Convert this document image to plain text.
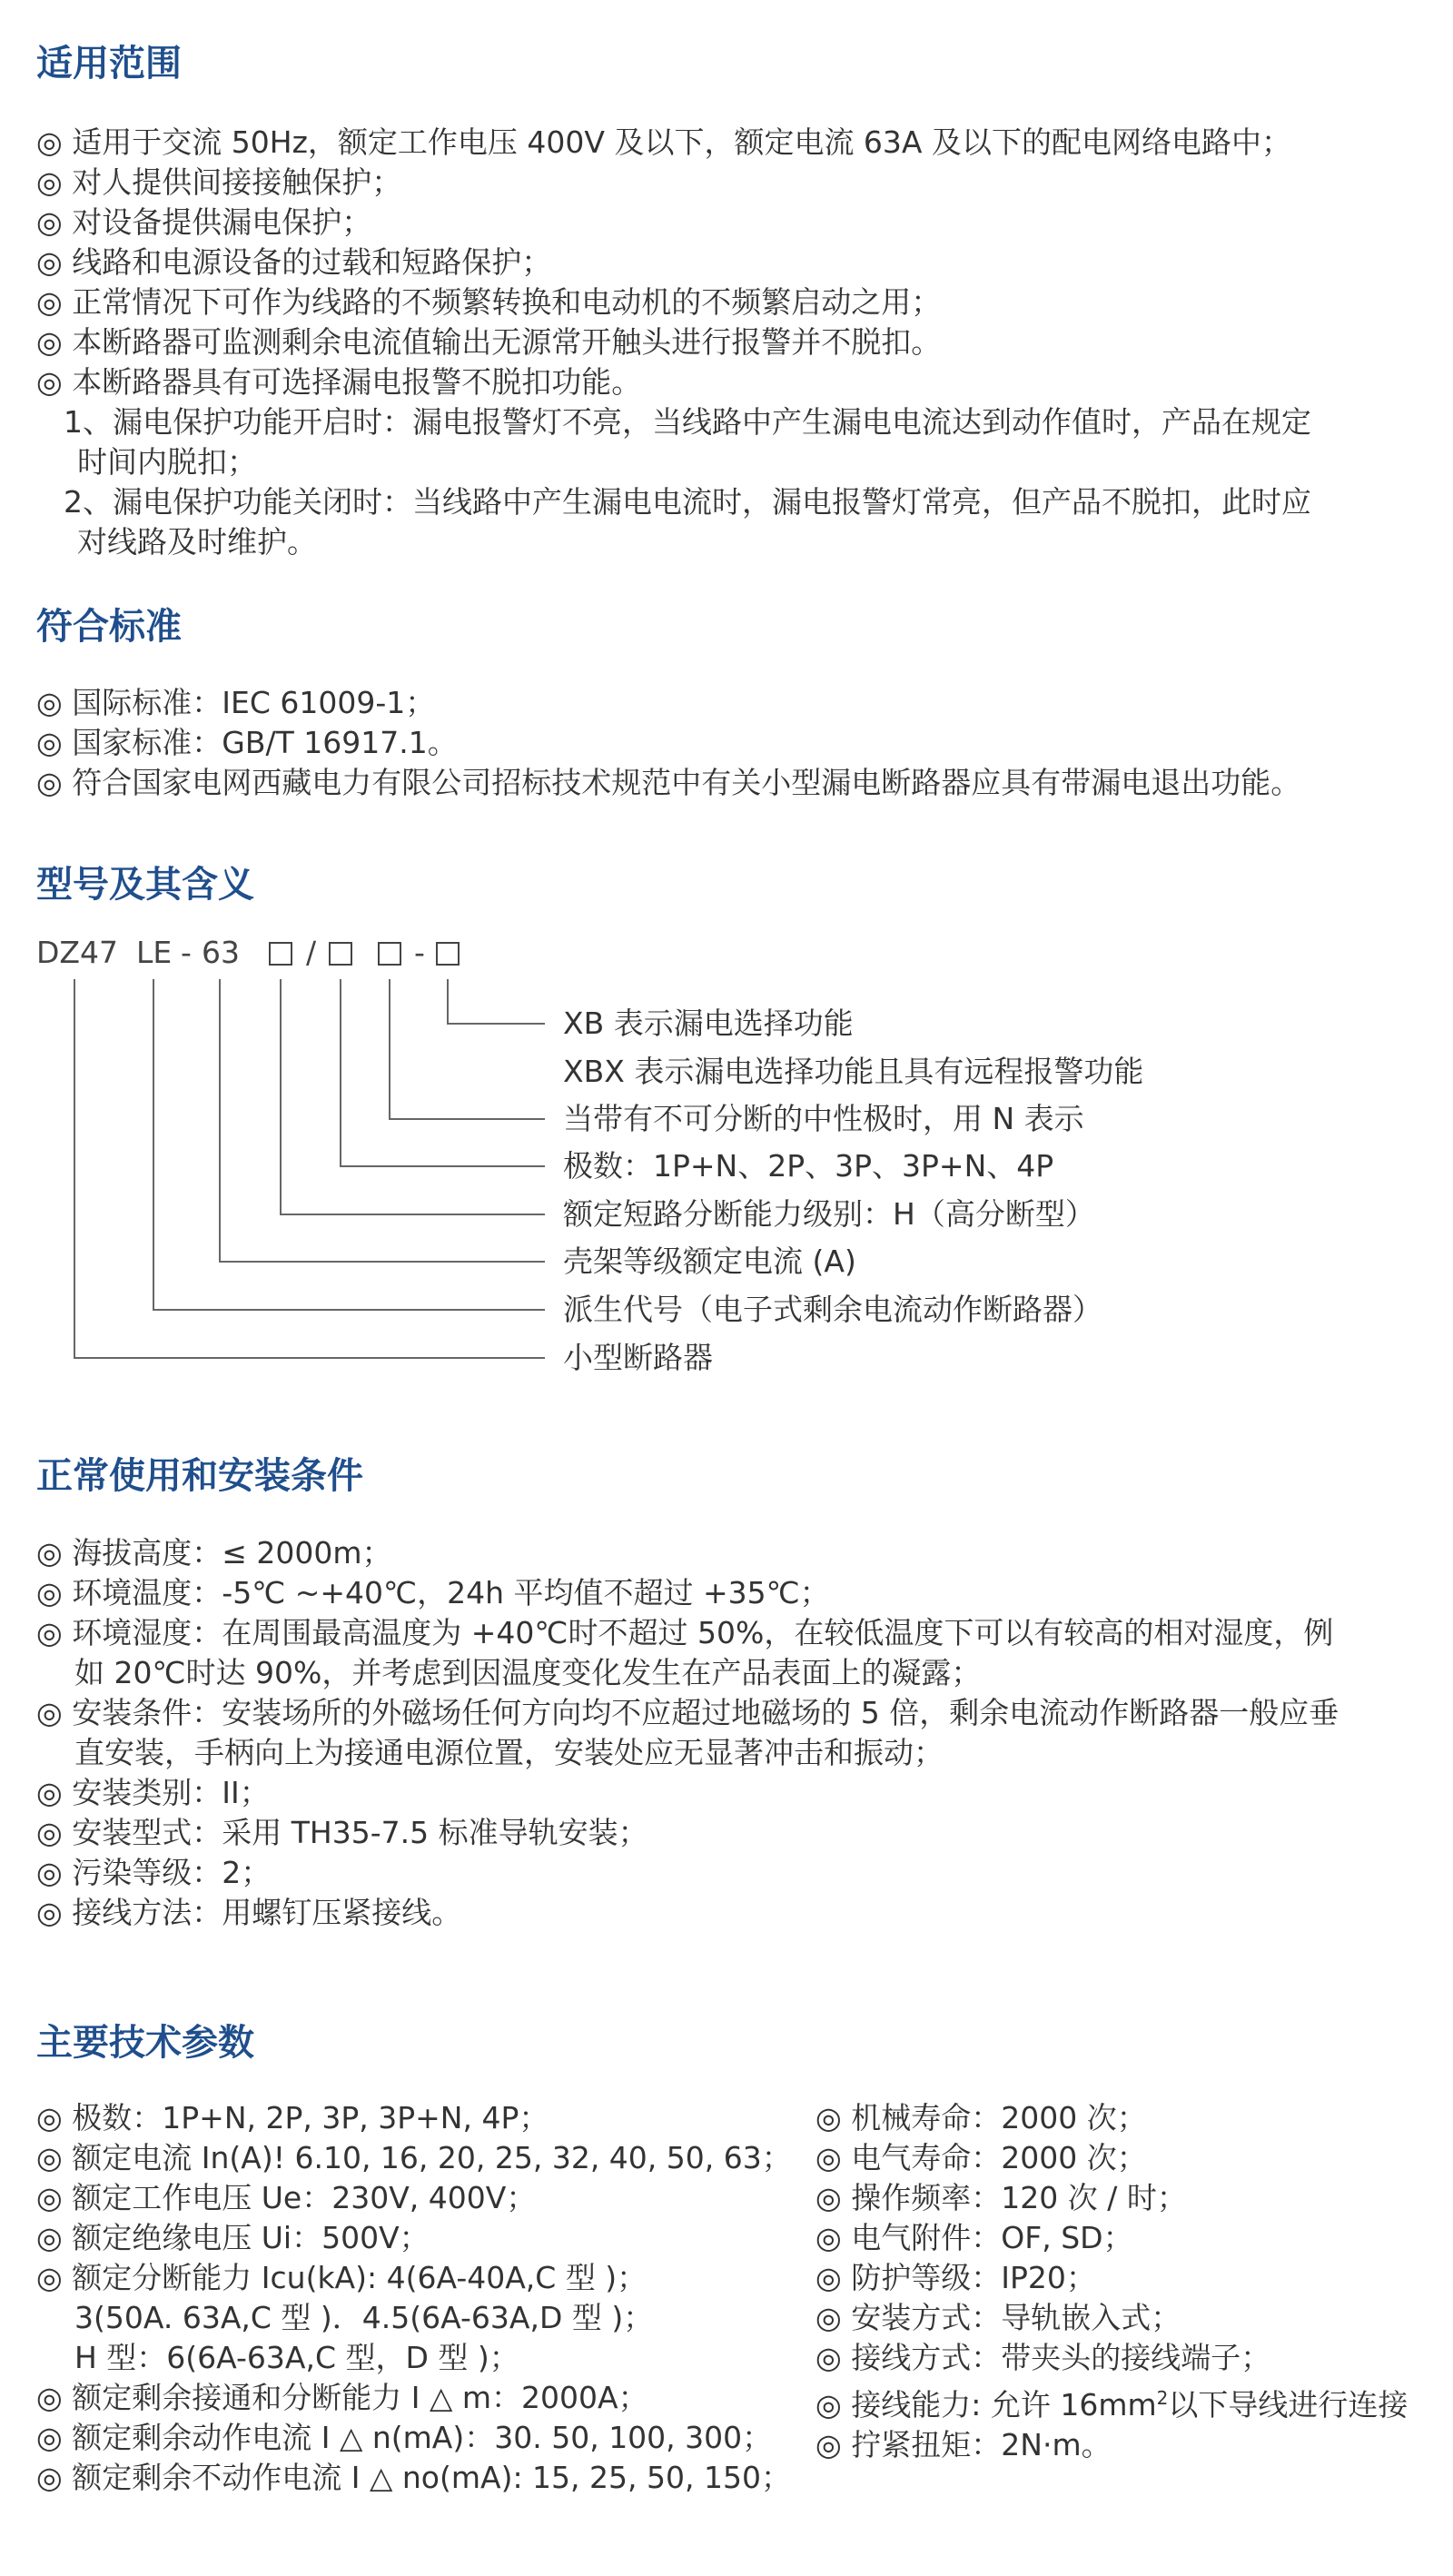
适用范围

◎ 适用于交流 50Hz，额定工作电压 400V 及以下，额定电流 63A 及以下的配电网络电路中；

◎ 对人提供间接接触保护；

◎ 对设备提供漏电保护；

◎ 线路和电源设备的过载和短路保护；

◎ 正常情况下可作为线路的不频繁转换和电动机的不频繁启动之用；

◎ 本断路器可监测剩余电流值输出无源常开触头进行报警并不脱扣。

◎ 本断路器具有可选择漏电报警不脱扣功能。

1、漏电保护功能开启时：漏电报警灯不亮，当线路中产生漏电电流达到动作值时，产品在规定

时间内脱扣；

2、漏电保护功能关闭时：当线路中产生漏电电流时，漏电报警灯常亮，但产品不脱扣，此时应

对线路及时维护。

符合标准

◎ 国际标准：IEC 61009-1；

◎ 国家标准：GB/T 16917.1。

◎ 符合国家电网西藏电力有限公司招标技术规范中有关小型漏电断路器应具有带漏电退出功能。

型号及其含义
DZ47 LE - 63 /	-
XB 表示漏电选择功能
XBX 表示漏电选择功能且具有远程报警功能
当带有不可分断的中性极时，用 N 表示
极数：1P+N、2P、3P、3P+N、4P
额定短路分断能力级别：H（高分断型）
壳架等级额定电流 (A)
派生代号（电子式剩余电流动作断路器）
小型断路器
正常使用和安装条件

◎ 海拔高度：≤ 2000m；

◎ 环境温度：-5℃ ~+40℃，24h 平均值不超过 +35℃；

◎ 环境湿度：在周围最高温度为 +40℃时不超过 50%，在较低温度下可以有较高的相对湿度，例

如 20℃时达 90%，并考虑到因温度变化发生在产品表面上的凝露；

◎ 安装条件：安装场所的外磁场任何方向均不应超过地磁场的 5 倍，剩余电流动作断路器一般应垂

直安装，手柄向上为接通电源位置，安装处应无显著冲击和振动；

◎ 安装类别：II；

◎ 安装型式：采用 TH35-7.5 标准导轨安装；

◎ 污染等级：2；

◎ 接线方法：用螺钉压紧接线。

主要技术参数

◎ 极数：1P+N, 2P, 3P, 3P+N, 4P；

◎ 额定电流 In(A)! 6.10, 16, 20, 25, 32, 40, 50, 63；

◎ 额定工作电压 Ue：230V, 400V；

◎ 额定绝缘电压 Ui：500V；

◎ 额定分断能力 Icu(kA): 4(6A-40A,C 型 )；

3(50A. 63A,C 型 )．4.5(6A-63A,D 型 )；

H 型：6(6A-63A,C 型，D 型 )；

◎ 额定剩余接通和分断能力 I △ m：2000A；

◎ 额定剩余动作电流 I △ n(mA)：30. 50, 100, 300；

◎ 额定剩余不动作电流 I △ no(mA): 15, 25, 50, 150；

◎ 机械寿命：2000 次；

◎ 电气寿命：2000 次；

◎ 操作频率：120 次 / 时；

◎ 电气附件：OF, SD；

◎ 防护等级：IP20；

◎ 安装方式：导轨嵌入式；

◎ 接线方式：带夹头的接线端子；

◎ 接线能力: 允许 $16mm^2$以下导线进行连接

◎ 拧紧扭矩：2N·m。
